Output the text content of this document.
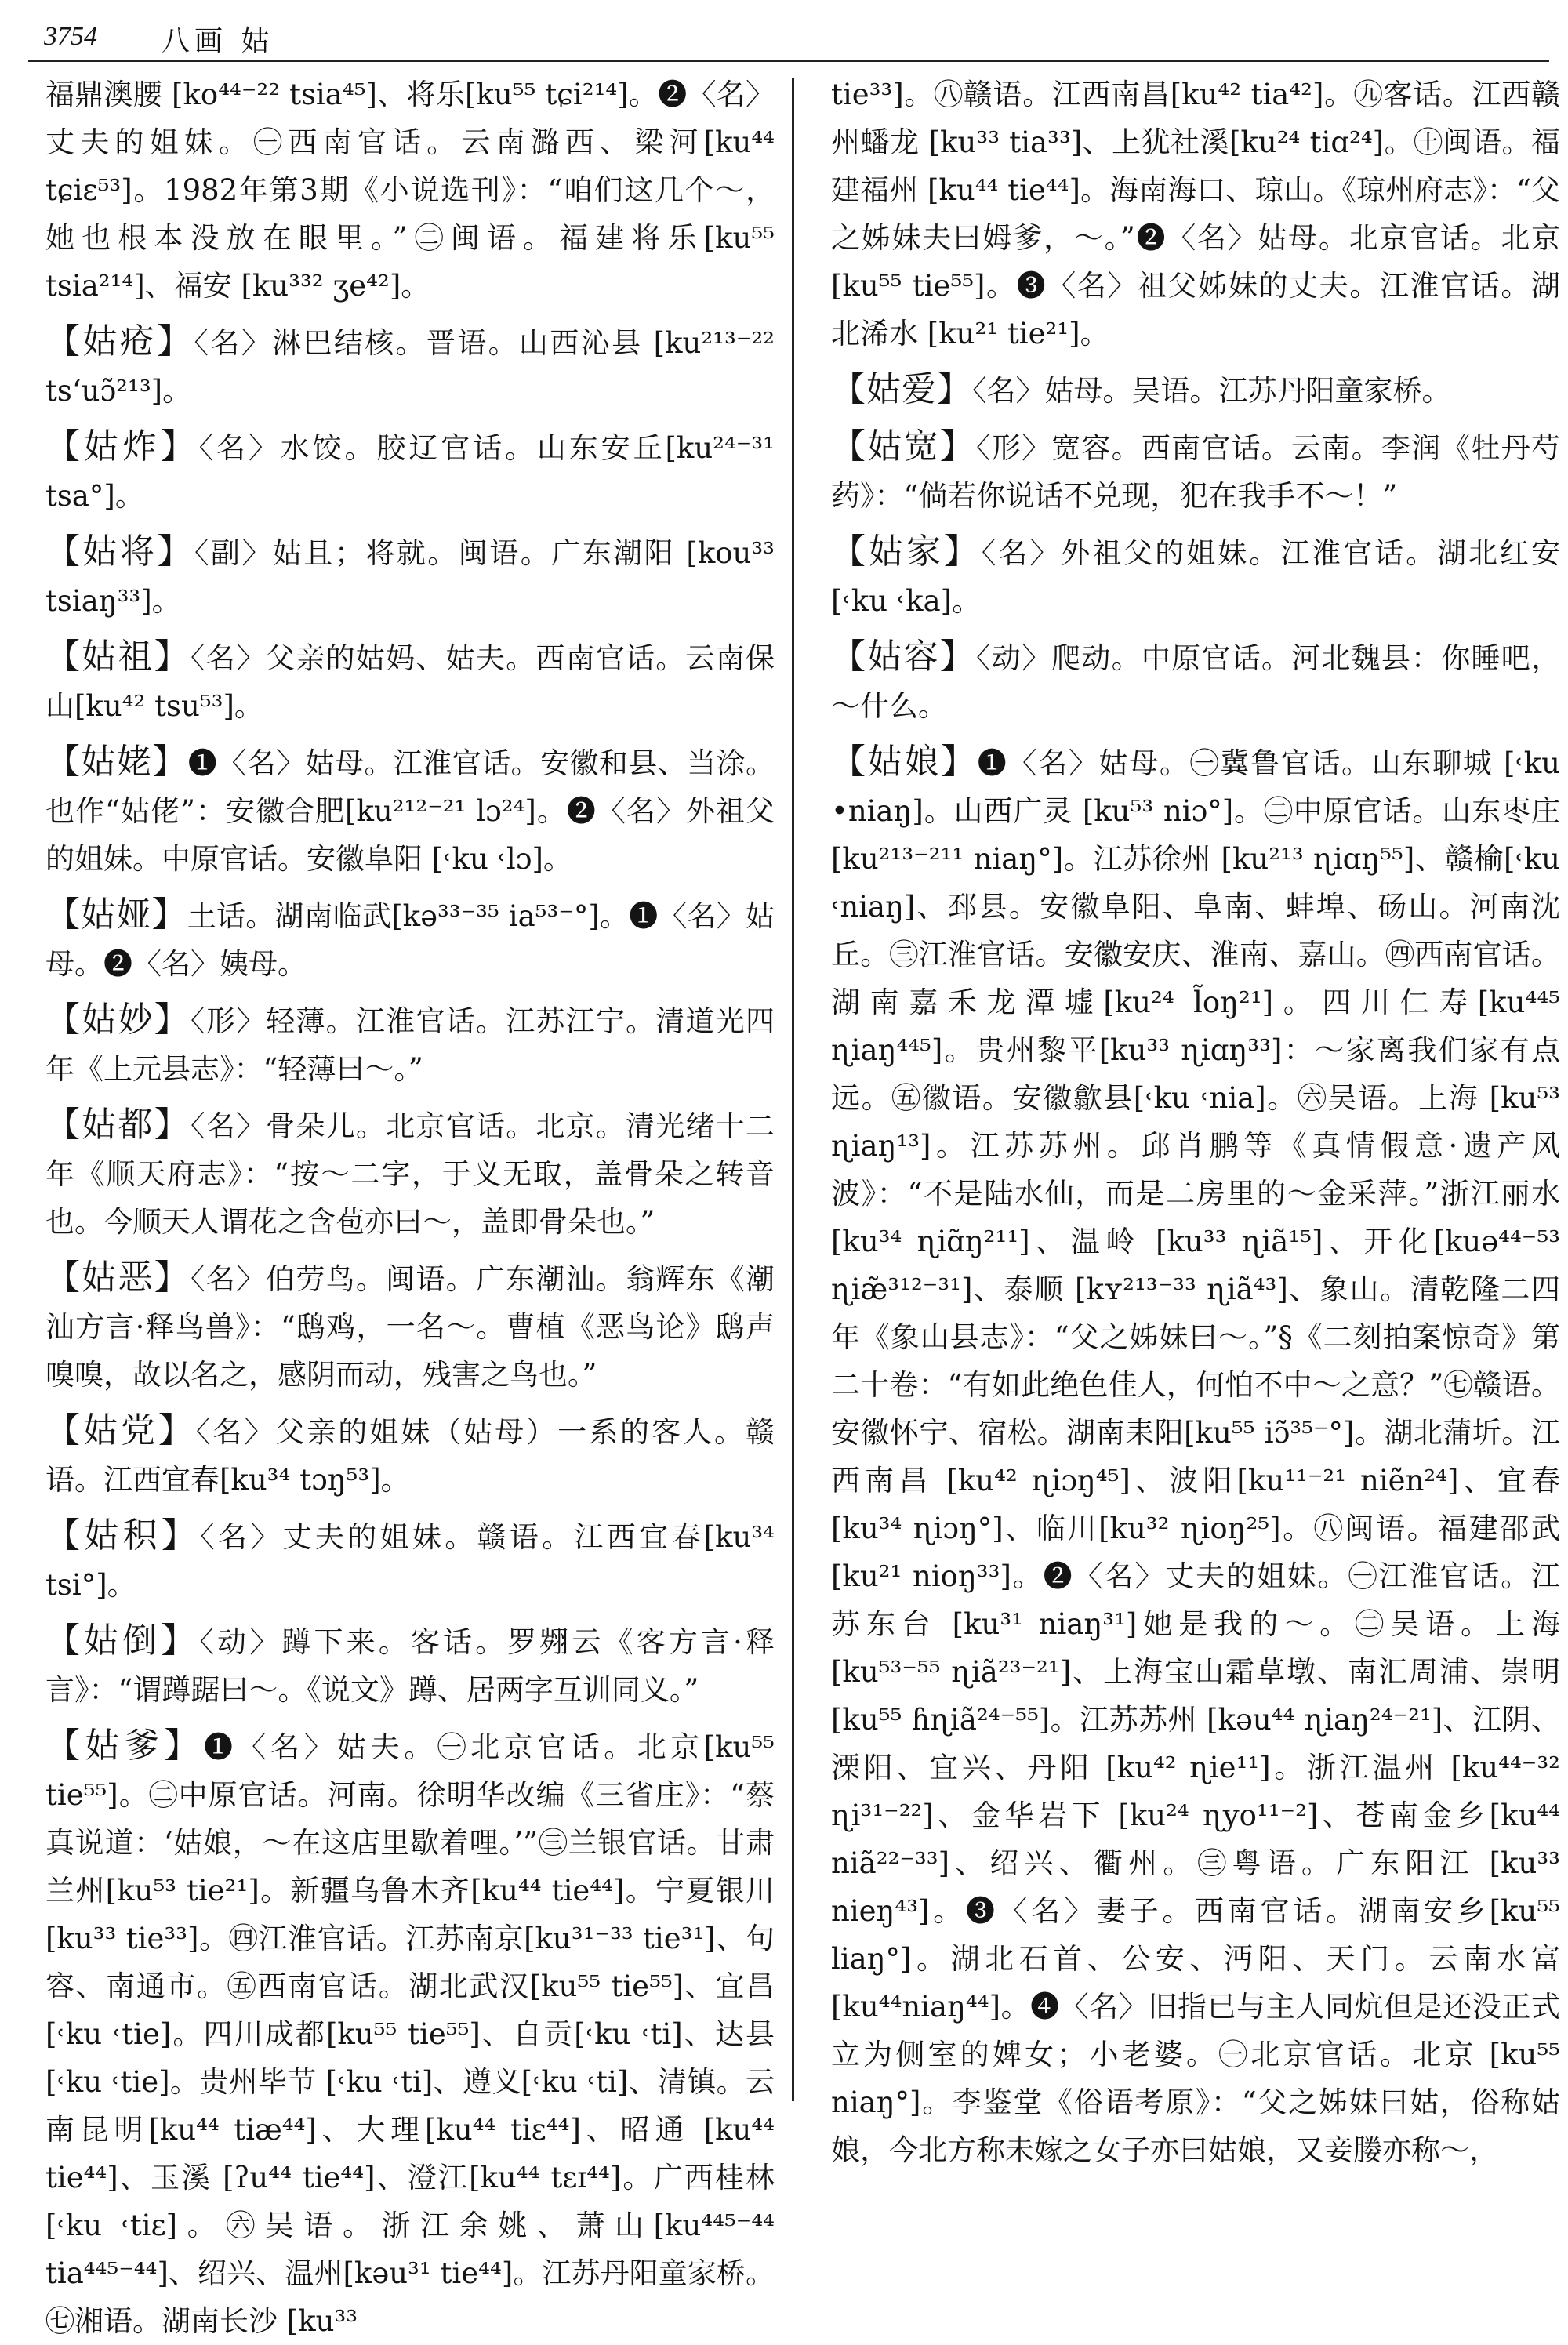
3754 八画 姑

福鼎澳腰 [ko⁴⁴⁻²² tsia⁴⁵]、将乐[ku⁵⁵ tɕi²¹⁴]。❷〈名〉丈夫的姐妹。㊀西南官话。云南潞西、梁河[ku⁴⁴ tɕiɛ⁵³]。1982年第3期《小说选刊》：“咱们这几个～，她也根本没放在眼里。”㊁闽语。福建将乐[ku⁵⁵ tsia²¹⁴]、福安 [ku³³² ʒe⁴²]。

【姑疮】〈名〉淋巴结核。晋语。山西沁县 [ku²¹³⁻²² tsʻuɔ̃²¹³]。

【姑炸】〈名〉水饺。胶辽官话。山东安丘[ku²⁴⁻³¹ tsa°]。

【姑将】〈副〉姑且；将就。闽语。广东潮阳 [kou³³ tsiaŋ³³]。

【姑祖】〈名〉父亲的姑妈、姑夫。西南官话。云南保山[ku⁴² tsu⁵³]。

【姑姥】❶〈名〉姑母。江淮官话。安徽和县、当涂。也作“姑佬”：安徽合肥[ku²¹²⁻²¹ lɔ²⁴]。❷〈名〉外祖父的姐妹。中原官话。安徽阜阳 [˓ku ˓lɔ]。

【姑娅】土话。湖南临武[kə³³⁻³⁵ ia⁵³⁻°]。❶〈名〉姑母。❷〈名〉姨母。

【姑妙】〈形〉轻薄。江淮官话。江苏江宁。清道光四年《上元县志》：“轻薄曰～。”

【姑都】〈名〉骨朵儿。北京官话。北京。清光绪十二年《顺天府志》：“按～二字，于义无取，盖骨朵之转音也。今顺天人谓花之含苞亦曰～，盖即骨朵也。”

【姑恶】〈名〉伯劳鸟。闽语。广东潮汕。翁辉东《潮汕方言·释鸟兽》：“鸱鸡，一名～。曹植《恶鸟论》鸱声嗅嗅，故以名之，感阴而动，残害之鸟也。”

【姑党】〈名〉父亲的姐妹（姑母）一系的客人。赣语。江西宜春[ku³⁴ tɔŋ⁵³]。

【姑积】〈名〉丈夫的姐妹。赣语。江西宜春[ku³⁴ tsi°]。

【姑倒】〈动〉蹲下来。客话。罗翙云《客方言·释言》：“谓蹲踞曰～。《说文》蹲、居两字互训同义。”

【姑爹】❶〈名〉姑夫。㊀北京官话。北京[ku⁵⁵ tie⁵⁵]。㊁中原官话。河南。徐明华改编《三省庄》：“蔡真说道：‘姑娘，～在这店里歇着哩。’”㊂兰银官话。甘肃兰州[ku⁵³ tie²¹]。新疆乌鲁木齐[ku⁴⁴ tie⁴⁴]。宁夏银川[ku³³ tie³³]。㊃江淮官话。江苏南京[ku³¹⁻³³ tie³¹]、句容、南通市。㊄西南官话。湖北武汉[ku⁵⁵ tie⁵⁵]、宜昌[˓ku ˓tie]。四川成都[ku⁵⁵ tie⁵⁵]、自贡[˓ku ˓ti]、达县 [˓ku ˓tie]。贵州毕节 [˓ku ˓ti]、遵义[˓ku ˓ti]、清镇。云南昆明[ku⁴⁴ tiæ⁴⁴]、大理[ku⁴⁴ tiɛ⁴⁴]、昭通 [ku⁴⁴ tie⁴⁴]、玉溪 [ʔu⁴⁴ tie⁴⁴]、澄江[ku⁴⁴ tɛɪ⁴⁴]。广西桂林 [˓ku ˓tiɛ]。㊅吴语。浙江余姚、萧山[ku⁴⁴⁵⁻⁴⁴ tia⁴⁴⁵⁻⁴⁴]、绍兴、温州[kəu³¹ tie⁴⁴]。江苏丹阳童家桥。㊆湘语。湖南长沙 [ku³³

tie³³]。㊇赣语。江西南昌[ku⁴² tia⁴²]。㊈客话。江西赣州蟠龙 [ku³³ tia³³]、上犹社溪[ku²⁴ tiɑ²⁴]。㊉闽语。福建福州 [ku⁴⁴ tie⁴⁴]。海南海口、琼山。《琼州府志》：“父之姊妹夫曰姆爹，～。”❷〈名〉姑母。北京官话。北京 [ku⁵⁵ tie⁵⁵]。❸〈名〉祖父姊妹的丈夫。江淮官话。湖北浠水 [ku²¹ tie²¹]。

【姑爱】〈名〉姑母。吴语。江苏丹阳童家桥。

【姑宽】〈形〉宽容。西南官话。云南。李润《牡丹芍药》：“倘若你说话不兑现，犯在我手不～！”

【姑家】〈名〉外祖父的姐妹。江淮官话。湖北红安[˓ku ˓ka]。

【姑容】〈动〉爬动。中原官话。河北魏县：你睡吧，～什么。

【姑娘】❶〈名〉姑母。㊀冀鲁官话。山东聊城 [˓ku •niaŋ]。山西广灵 [ku⁵³ niɔ°]。㊁中原官话。山东枣庄[ku²¹³⁻²¹¹ niaŋ°]。江苏徐州 [ku²¹³ ɳiɑŋ⁵⁵]、赣榆[˓ku ˓niaŋ]、邳县。安徽阜阳、阜南、蚌埠、砀山。河南沈丘。㊂江淮官话。安徽安庆、淮南、嘉山。㊃西南官话。湖南嘉禾龙潭墟[ku²⁴ l̃oŋ²¹]。四川仁寿[ku⁴⁴⁵ ɳiaŋ⁴⁴⁵]。贵州黎平[ku³³ ɳiɑŋ³³]：～家离我们家有点远。㊄徽语。安徽歙县[˓ku ˓nia]。㊅吴语。上海 [ku⁵³ ɳiaŋ¹³]。江苏苏州。邱肖鹏等《真情假意·遗产风波》：“不是陆水仙，而是二房里的～金采萍。”浙江丽水 [ku³⁴ ɳiɑ̃ŋ²¹¹]、温岭 [ku³³ ɳiã¹⁵]、开化[kuə⁴⁴⁻⁵³ ɳiæ̃³¹²⁻³¹]、泰顺 [kʏ²¹³⁻³³ ɳiã⁴³]、象山。清乾隆二四年《象山县志》：“父之姊妹曰～。”§《二刻拍案惊奇》第二十卷：“有如此绝色佳人，何怕不中～之意？”㊆赣语。安徽怀宁、宿松。湖南耒阳[ku⁵⁵ iɔ̃³⁵⁻°]。湖北蒲圻。江西南昌 [ku⁴² ɳiɔŋ⁴⁵]、波阳[ku¹¹⁻²¹ niẽn²⁴]、宜春[ku³⁴ ɳiɔŋ°]、临川[ku³² ɳioŋ²⁵]。㊇闽语。福建邵武[ku²¹ nioŋ³³]。❷〈名〉丈夫的姐妹。㊀江淮官话。江苏东台 [ku³¹ niaŋ³¹]她是我的～。㊁吴语。上海[ku⁵³⁻⁵⁵ ɳiã²³⁻²¹]、上海宝山霜草墩、南汇周浦、崇明[ku⁵⁵ ɦɳiã²⁴⁻⁵⁵]。江苏苏州 [kəu⁴⁴ ɳiaŋ²⁴⁻²¹]、江阴、溧阳、宜兴、丹阳 [ku⁴² ɳie¹¹]。浙江温州 [ku⁴⁴⁻³² ɳi³¹⁻²²]、金华岩下 [ku²⁴ ɳyo¹¹⁻²]、苍南金乡[ku⁴⁴ niã²²⁻³³]、绍兴、衢州。㊂粤语。广东阳江 [ku³³ nieŋ⁴³]。❸〈名〉妻子。西南官话。湖南安乡[ku⁵⁵ liaŋ°]。湖北石首、公安、沔阳、天门。云南水富 [ku⁴⁴niaŋ⁴⁴]。❹〈名〉旧指已与主人同炕但是还没正式立为侧室的婢女；小老婆。㊀北京官话。北京 [ku⁵⁵ niaŋ°]。李鉴堂《俗语考原》：“父之姊妹曰姑，俗称姑娘，今北方称未嫁之女子亦曰姑娘，又妾媵亦称～，
